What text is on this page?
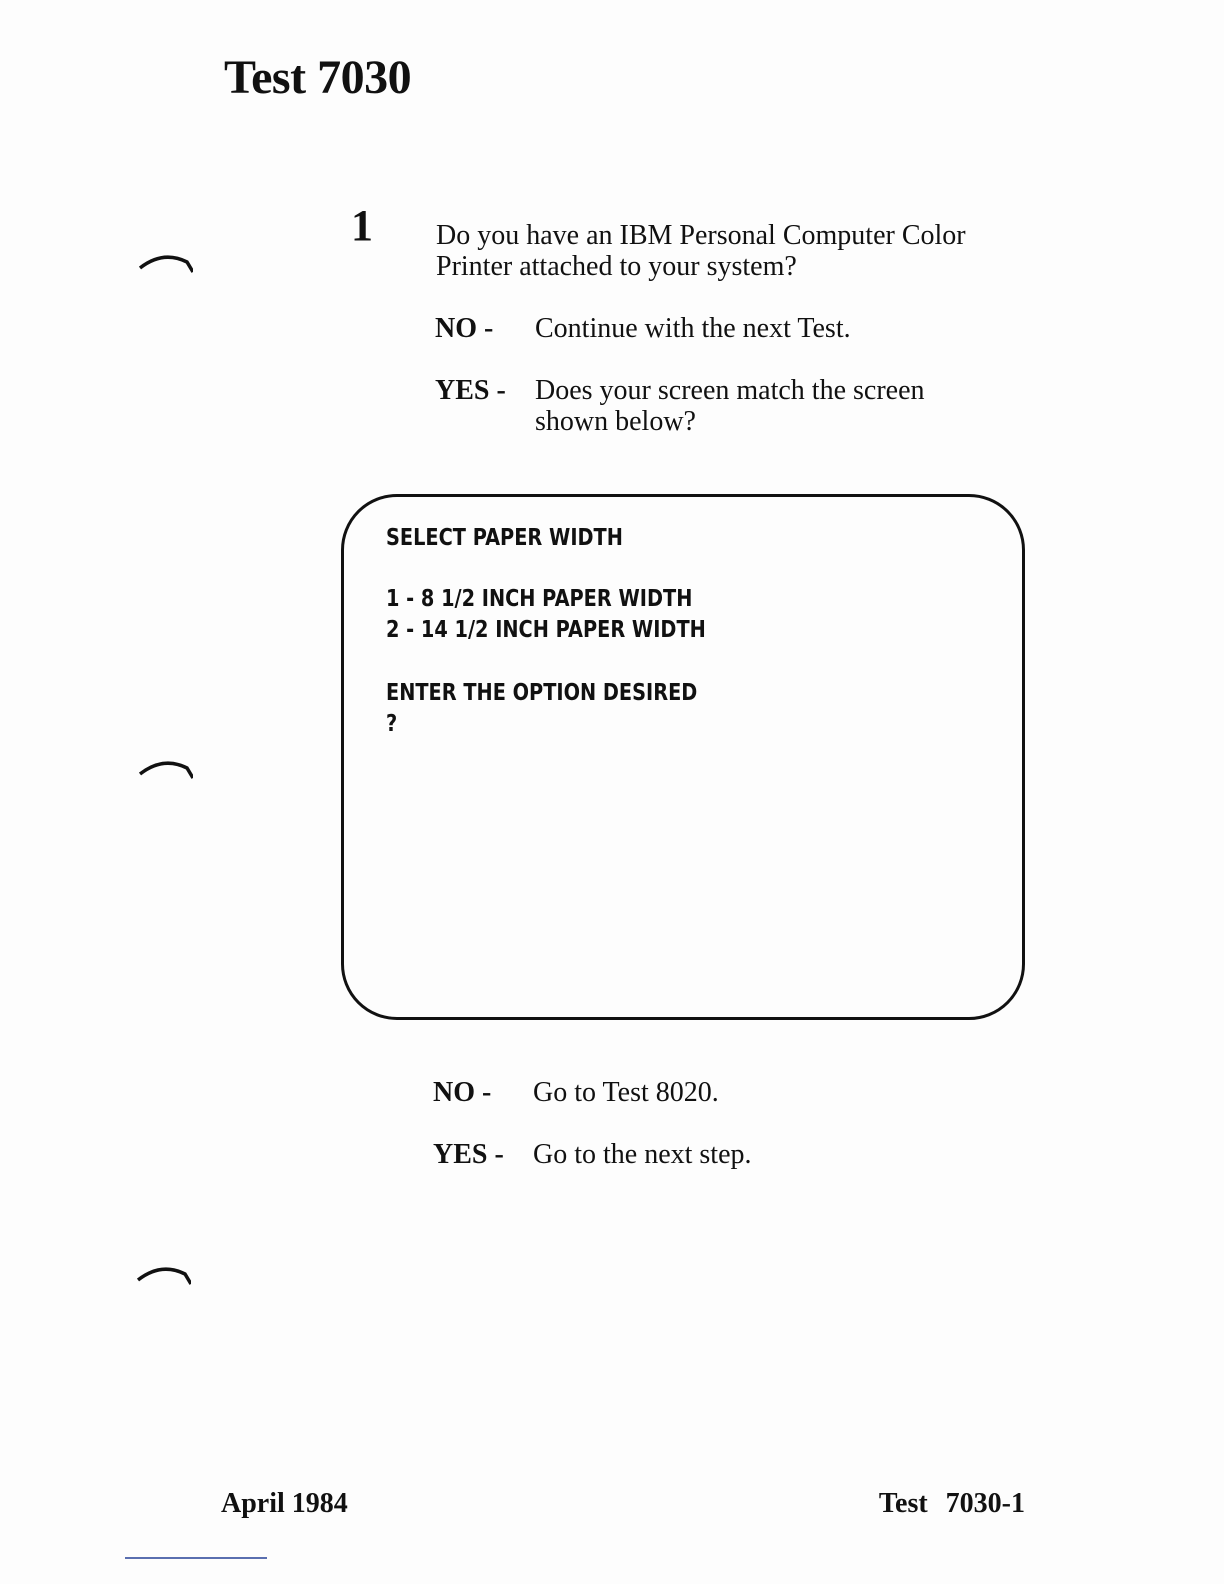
Test 7030
1 Do you have an IBM Personal Computer Color Printer attached to your system?
NO - Continue with the next Test.
YES - Does your screen match the screen shown below?
SELECT PAPER WIDTH
1 - 8 1/2 INCH PAPER WIDTH
2 - 14 1/2 INCH PAPER WIDTH
ENTER THE OPTION DESIRED
?
NO - Go to Test 8020.
YES - Go to the next step.
April 1984	Test 7030-1
